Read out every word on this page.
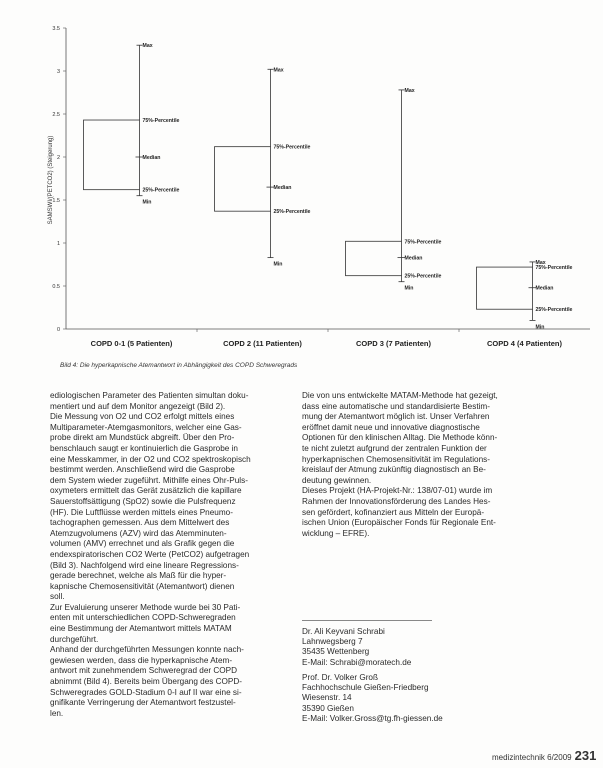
0
0.5
1
1.5
2
2.5
3
3.5
COPD 0-1 (5 Patienten)	COPD 2 (11 Patienten)	COPD 3 (7 Patienten)	COPD 4 (4 Patienten)
Max
75%-Percentile
Median
25%-Percentile
Min
Max
75%-Percentile
Median
25%-Percentile
Min
Max
75%-Percentile
Median
25%-Percentile
Min
Max
75%-Percentile
Median
25%-Percentile
Min
SAMSWI/(PETCO2) (Steigerung)
Bild 4: Die hyperkapnische Atemantwort in Abhängigkeit des COPD Schweregrads

ediologischen Parameter des Patienten simultan doku-
mentiert und auf dem Monitor angezeigt (Bild 2).
Die Messung von O2 und CO2 erfolgt mittels eines
Multiparameter-Atemgasmonitors, welcher eine Gas-
probe direkt am Mundstück abgreift. Über den Pro-
benschlauch saugt er kontinuierlich die Gasprobe in
eine Messkammer, in der O2 und CO2 spektroskopisch
bestimmt werden. Anschließend wird die Gasprobe
dem System wieder zugeführt. Mithilfe eines Ohr-Puls-
oxymeters ermittelt das Gerät zusätzlich die kapillare
Sauerstoffsättigung (SpO2) sowie die Pulsfrequenz
(HF). Die Luftflüsse werden mittels eines Pneumo-
tachographen gemessen. Aus dem Mittelwert des
Atemzugvolumens (AZV) wird das Atemminuten-
volumen (AMV) errechnet und als Grafik gegen die
endexspiratorischen CO2 Werte (PetCO2) aufgetragen
(Bild 3). Nachfolgend wird eine lineare Regressions-
gerade berechnet, welche als Maß für die hyper-
kapnische Chemosensitivität (Atemantwort) dienen
soll.
Zur Evaluierung unserer Methode wurde bei 30 Pati-
enten mit unterschiedlichen COPD-Schweregraden
eine Bestimmung der Atemantwort mittels MATAM
durchgeführt.
Anhand der durchgeführten Messungen konnte nach-
gewiesen werden, dass die hyperkapnische Atem-
antwort mit zunehmendem Schweregrad der COPD
abnimmt (Bild 4). Bereits beim Übergang des COPD-
Schweregrades GOLD-Stadium 0-I auf II war eine si-
gnifikante Verringerung der Atemantwort festzustel-
len.

Die von uns entwickelte MATAM-Methode hat gezeigt,
dass eine automatische und standardisierte Bestim-
mung der Atemantwort möglich ist. Unser Verfahren
eröffnet damit neue und innovative diagnostische
Optionen für den klinischen Alltag. Die Methode könn-
te nicht zuletzt aufgrund der zentralen Funktion der
hyperkapnischen Chemosensitivität im Regulations-
kreislauf der Atmung zukünftig diagnostisch an Be-
deutung gewinnen.
Dieses Projekt (HA-Projekt-Nr.: 138/07-01) wurde im
Rahmen der Innovationsförderung des Landes Hes-
sen gefördert, kofinanziert aus Mitteln der Europä-
ischen Union (Europäischer Fonds für Regionale Ent-
wicklung – EFRE).

Dr. Ali Keyvani Schrabi
Lahnwegsberg 7
35435 Wettenberg
E-Mail: Schrabi@moratech.de
Prof. Dr. Volker Groß
Fachhochschule Gießen-Friedberg
Wiesenstr. 14
35390 Gießen
E-Mail: Volker.Gross@tg.fh-giessen.de
medizintechnik 6/2009 231
